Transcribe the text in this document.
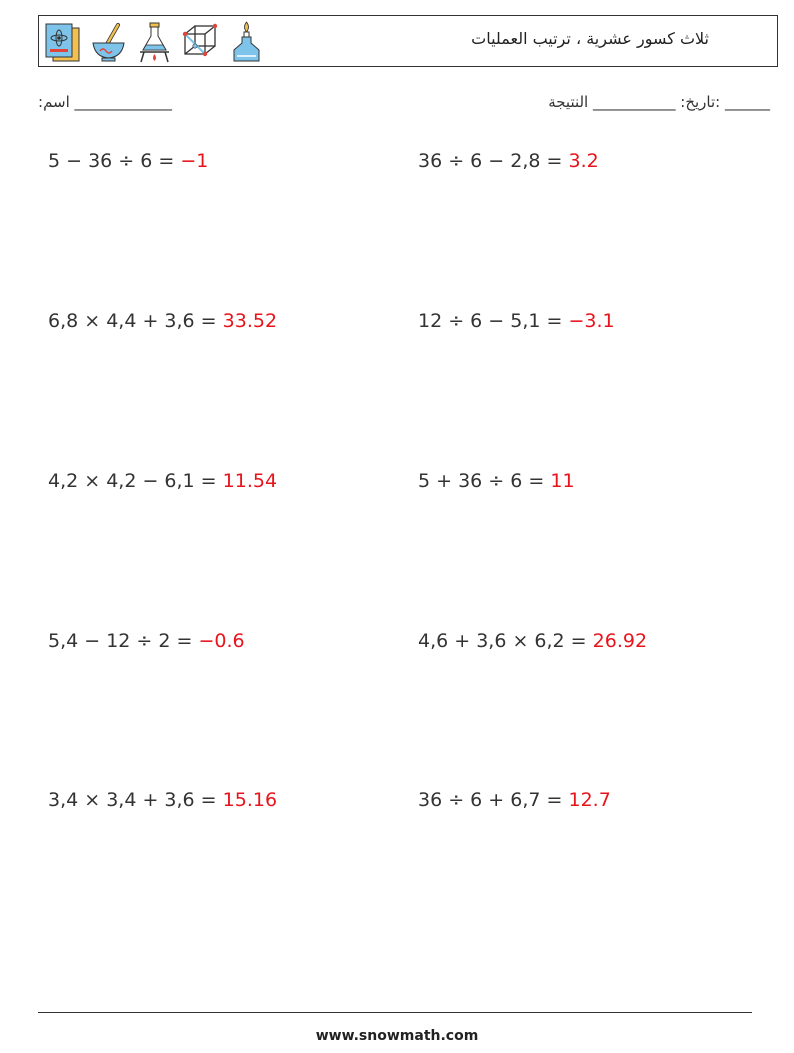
ثلاث كسور عشرية ، ترتيب العمليات
______ :تاريخ: ___________ النتيجة
:اسم _____________
5 − 36 ÷ 6 = −1	36 ÷ 6 − 2,8 = 3.2
6,8 × 4,4 + 3,6 = 33.52	12 ÷ 6 − 5,1 = −3.1
4,2 × 4,2 − 6,1 = 11.54	5 + 36 ÷ 6 = 11
5,4 − 12 ÷ 2 = −0.6	4,6 + 3,6 × 6,2 = 26.92
3,4 × 3,4 + 3,6 = 15.16	36 ÷ 6 + 6,7 = 12.7
www.snowmath.com
